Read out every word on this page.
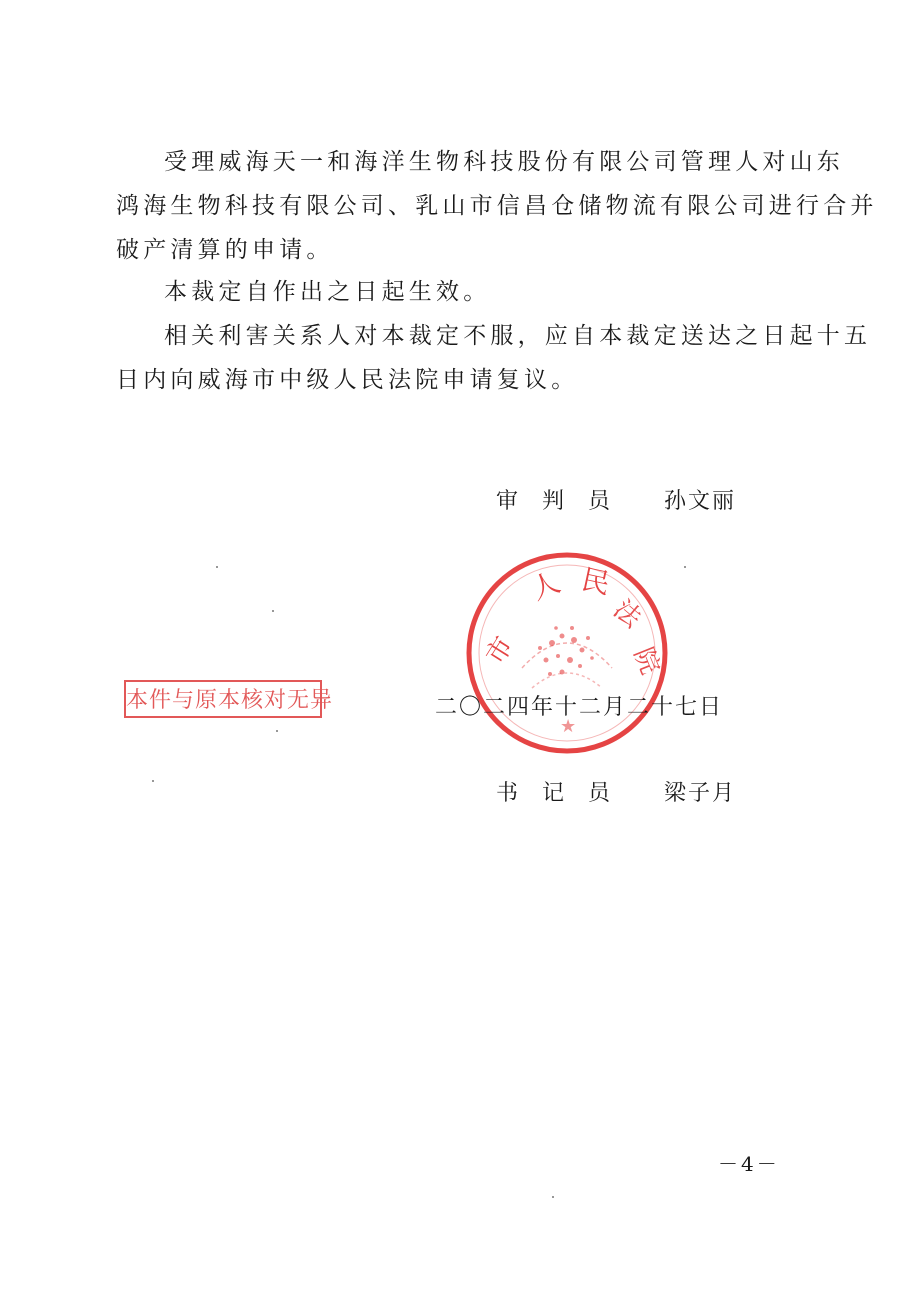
受理威海天一和海洋生物科技股份有限公司管理人对山东
鸿海生物科技有限公司、乳山市信昌仓储物流有限公司进行合并
破产清算的申请。
本裁定自作出之日起生效。
相关利害关系人对本裁定不服，应自本裁定送达之日起十五
日内向威海市中级人民法院申请复议。
审判员 孙文丽
市
人 民
法
院
★
二〇二四年十二月二十七日
本件与原本核对无异
书记员 梁子月
－4－
